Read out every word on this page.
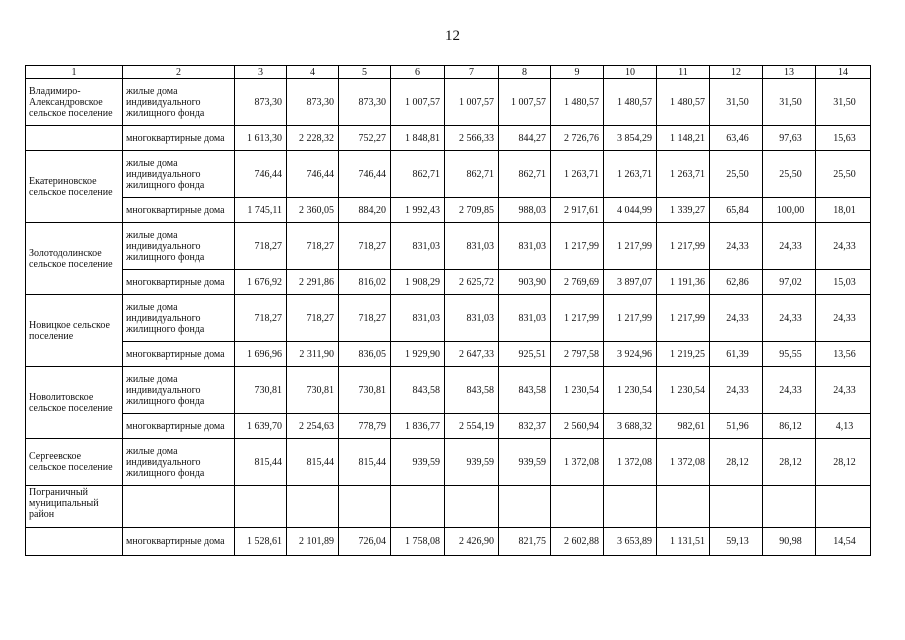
12
1	2	3	4	5	6	7	8	9	10	11	12	13	14
Владимиро-Александровское сельское поселение	жилые дома индивидуального жилищного фонда	873,30	873,30	873,30	1 007,57	1 007,57	1 007,57	1 480,57	1 480,57	1 480,57	31,50	31,50	31,50
	многоквартирные дома	1 613,30	2 228,32	752,27	1 848,81	2 566,33	844,27	2 726,76	3 854,29	1 148,21	63,46	97,63	15,63
Екатериновское сельское поселение	жилые дома индивидуального жилищного фонда	746,44	746,44	746,44	862,71	862,71	862,71	1 263,71	1 263,71	1 263,71	25,50	25,50	25,50
	многоквартирные дома	1 745,11	2 360,05	884,20	1 992,43	2 709,85	988,03	2 917,61	4 044,99	1 339,27	65,84	100,00	18,01
Золотодолинское сельское поселение	жилые дома индивидуального жилищного фонда	718,27	718,27	718,27	831,03	831,03	831,03	1 217,99	1 217,99	1 217,99	24,33	24,33	24,33
	многоквартирные дома	1 676,92	2 291,86	816,02	1 908,29	2 625,72	903,90	2 769,69	3 897,07	1 191,36	62,86	97,02	15,03
Новицкое сельское поселение	жилые дома индивидуального жилищного фонда	718,27	718,27	718,27	831,03	831,03	831,03	1 217,99	1 217,99	1 217,99	24,33	24,33	24,33
	многоквартирные дома	1 696,96	2 311,90	836,05	1 929,90	2 647,33	925,51	2 797,58	3 924,96	1 219,25	61,39	95,55	13,56
Новолитовское сельское поселение	жилые дома индивидуального жилищного фонда	730,81	730,81	730,81	843,58	843,58	843,58	1 230,54	1 230,54	1 230,54	24,33	24,33	24,33
	многоквартирные дома	1 639,70	2 254,63	778,79	1 836,77	2 554,19	832,37	2 560,94	3 688,32	982,61	51,96	86,12	4,13
Сергеевское сельское поселение	жилые дома индивидуального жилищного фонда	815,44	815,44	815,44	939,59	939,59	939,59	1 372,08	1 372,08	1 372,08	28,12	28,12	28,12
Пограничный муниципальный район													
	многоквартирные дома	1 528,61	2 101,89	726,04	1 758,08	2 426,90	821,75	2 602,88	3 653,89	1 131,51	59,13	90,98	14,54
